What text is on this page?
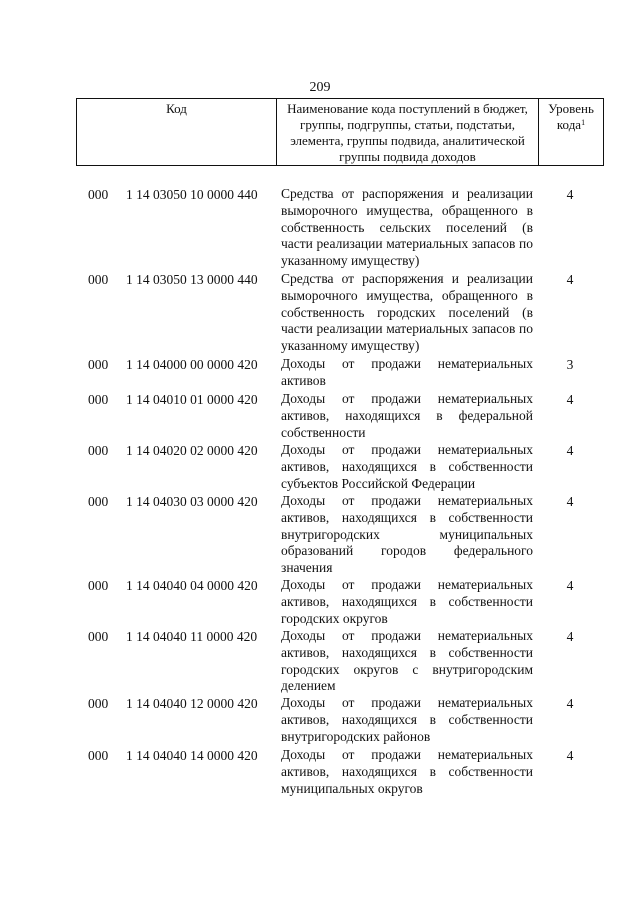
209
Код	Наименование кода поступлений в бюджет, группы, подгруппы, статьи, подстатьи, элемента, группы подвида, аналитической группы подвида доходов
Уровень кода$^1$
000 1 14 03050 10 0000 440 Средства от распоряжения и реализации выморочного имущества, обращенного в собственность сельских поселений (в части реализации материальных запасов по указанному имуществу)
4
000 1 14 03050 13 0000 440 Средства от распоряжения и реализации выморочного имущества, обращенного в собственность городских поселений (в части реализации материальных запасов по указанному имуществу)
4
000 1 14 04000 00 0000 420 Доходы от продажи нематериальных активов
3
000 1 14 04010 01 0000 420 Доходы от продажи нематериальных активов, находящихся в федеральной собственности
4
000 1 14 04020 02 0000 420 Доходы от продажи нематериальных активов, находящихся в собственности субъектов Российской Федерации
4
000 1 14 04030 03 0000 420 Доходы от продажи нематериальных активов, находящихся в собственности внутригородских муниципальных образований городов федерального значения
4
000 1 14 04040 04 0000 420 Доходы от продажи нематериальных активов, находящихся в собственности городских округов
4
000 1 14 04040 11 0000 420 Доходы от продажи нематериальных активов, находящихся в собственности городских округов с внутригородским делением
4
000 1 14 04040 12 0000 420 Доходы от продажи нематериальных активов, находящихся в собственности внутригородских районов
4
000 1 14 04040 14 0000 420 Доходы от продажи нематериальных активов, находящихся в собственности муниципальных округов
4
